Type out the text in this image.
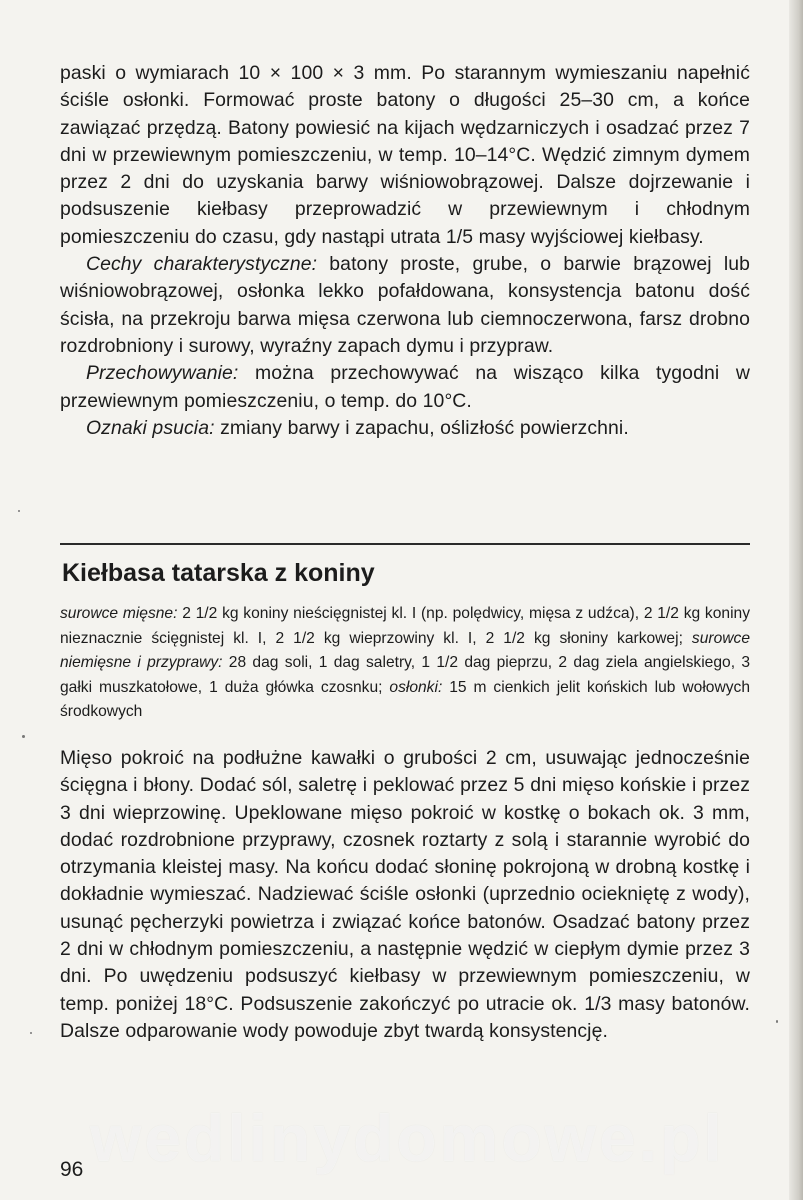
paski o wymiarach 10 × 100 × 3 mm. Po starannym wymieszaniu napełnić ściśle osłonki. Formować proste batony o długości 25–30 cm, a końce zawiązać przędzą. Batony powiesić na kijach wędzarniczych i osadzać przez 7 dni w przewiewnym pomieszczeniu, w temp. 10–14°C. Wędzić zimnym dymem przez 2 dni do uzyskania barwy wiśniowobrązowej. Dalsze dojrzewanie i podsuszenie kiełbasy przeprowadzić w przewiewnym i chłodnym pomieszczeniu do czasu, gdy nastąpi utrata 1/5 masy wyjściowej kiełbasy.

Cechy charakterystyczne: batony proste, grube, o barwie brązowej lub wiśniowobrązowej, osłonka lekko pofałdowana, konsystencja batonu dość ścisła, na przekroju barwa mięsa czerwona lub ciemnoczerwona, farsz drobno rozdrobniony i surowy, wyraźny zapach dymu i przypraw.

Przechowywanie: można przechowywać na wisząco kilka tygodni w przewiewnym pomieszczeniu, o temp. do 10°C.

Oznaki psucia: zmiany barwy i zapachu, oślizłość powierzchni.

Kiełbasa tatarska z koniny

surowce mięsne: 2 1/2 kg koniny nieścięgnistej kl. I (np. polędwicy, mięsa z udźca), 2 1/2 kg koniny nieznacznie ścięgnistej kl. I, 2 1/2 kg wieprzowiny kl. I, 2 1/2 kg słoniny karkowej; surowce niemięsne i przyprawy: 28 dag soli, 1 dag saletry, 1 1/2 dag pieprzu, 2 dag ziela angielskiego, 3 gałki muszkatołowe, 1 duża główka czosnku; osłonki: 15 m cienkich jelit końskich lub wołowych środkowych

Mięso pokroić na podłużne kawałki o grubości 2 cm, usuwając jednocześnie ścięgna i błony. Dodać sól, saletrę i peklować przez 5 dni mięso końskie i przez 3 dni wieprzowinę. Upeklowane mięso pokroić w kostkę o bokach ok. 3 mm, dodać rozdrobnione przyprawy, czosnek roztarty z solą i starannie wyrobić do otrzymania kleistej masy. Na końcu dodać słoninę pokrojoną w drobną kostkę i dokładnie wymieszać. Nadziewać ściśle osłonki (uprzednio ociekniętę z wody), usunąć pęcherzyki powietrza i związać końce batonów. Osadzać batony przez 2 dni w chłodnym pomieszczeniu, a następnie wędzić w ciepłym dymie przez 3 dni. Po uwędzeniu podsuszyć kiełbasy w przewiewnym pomieszczeniu, w temp. poniżej 18°C. Podsuszenie zakończyć po utracie ok. 1/3 masy batonów. Dalsze odparowanie wody powoduje zbyt twardą konsystencję.

wedlinydomowe.pl
96
